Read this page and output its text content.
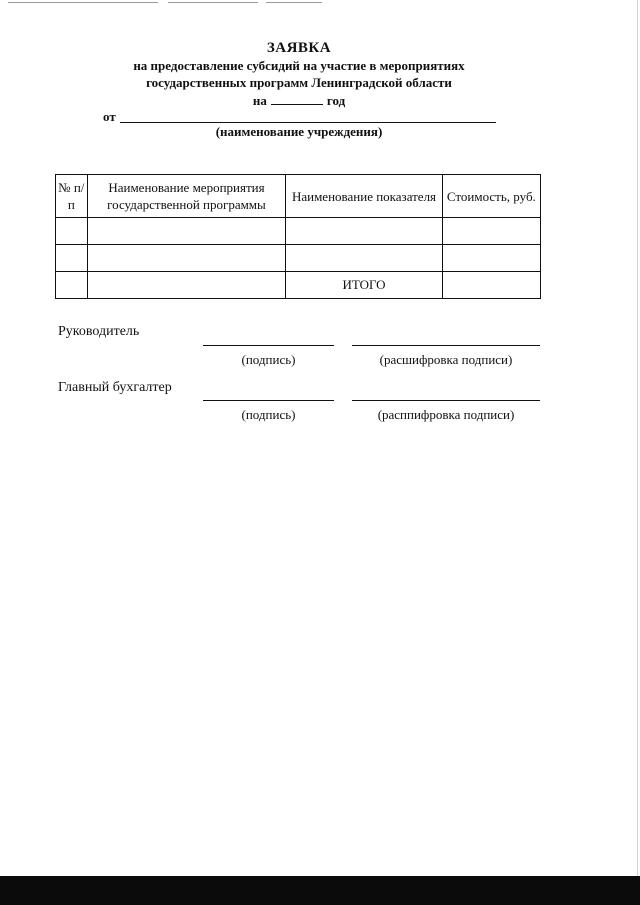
ЗАЯВКА
на предоставление субсидий на участие в мероприятиях
государственных программ Ленинградской области
на	год
от
(наименование учреждения)
№ п/п	Наименование мероприятия государственной программы	Наименование показателя	Стоимость, руб.

		ИТОГО	
Руководитель
(подпись)	(расшифровка подписи)
Главный бухгалтер
(подпись)	(расппифровка подписи)
